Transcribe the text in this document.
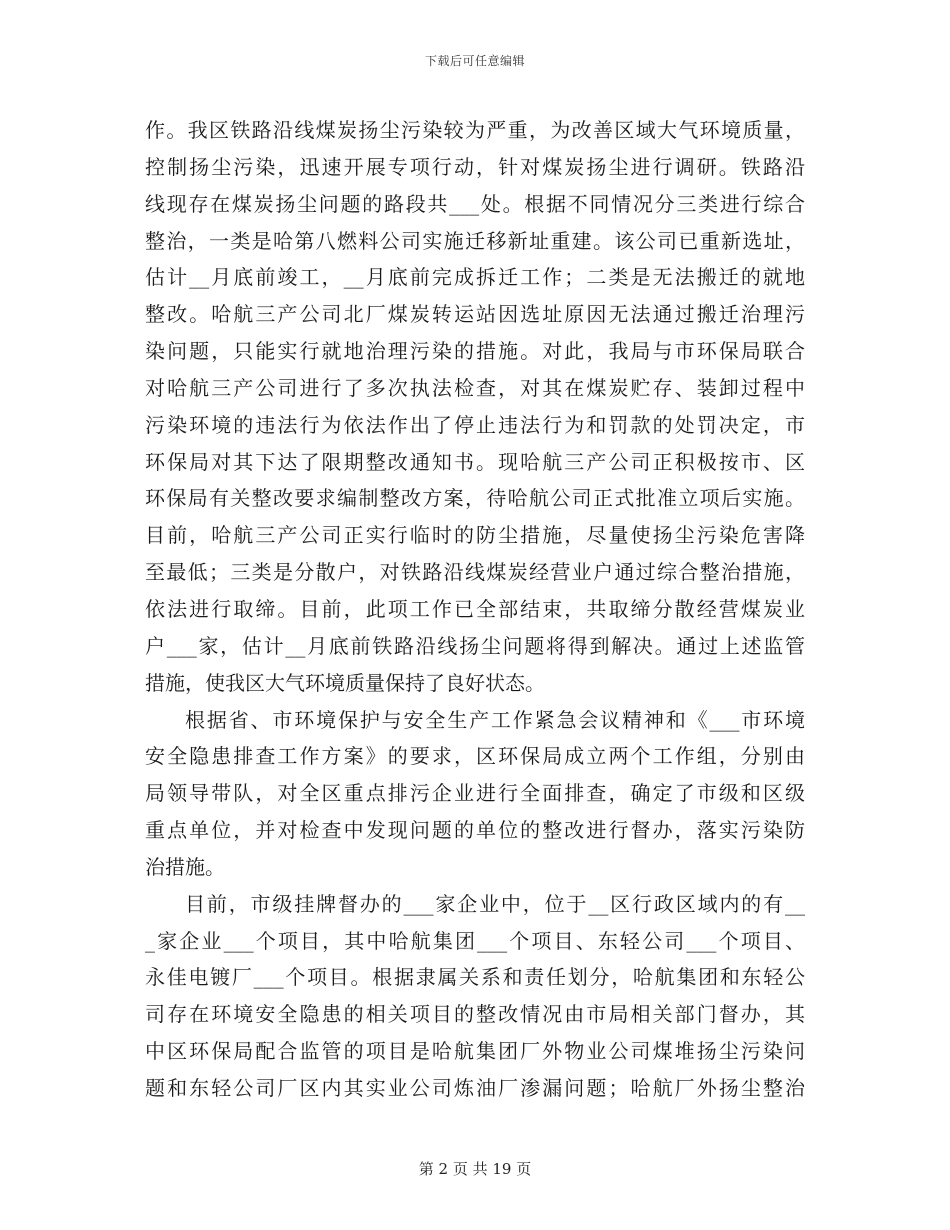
下载后可任意编辑
作。我区铁路沿线煤炭扬尘污染较为严重，为改善区域大气环境质量，
控制扬尘污染，迅速开展专项行动，针对煤炭扬尘进行调研。铁路沿
线现存在煤炭扬尘问题的路段共___处。根据不同情况分三类进行综合
整治，一类是哈第八燃料公司实施迁移新址重建。该公司已重新选址，
估计__月底前竣工，__月底前完成拆迁工作；二类是无法搬迁的就地
整改。哈航三产公司北厂煤炭转运站因选址原因无法通过搬迁治理污
染问题，只能实行就地治理污染的措施。对此，我局与市环保局联合
对哈航三产公司进行了多次执法检查，对其在煤炭贮存、装卸过程中
污染环境的违法行为依法作出了停止违法行为和罚款的处罚决定，市
环保局对其下达了限期整改通知书。现哈航三产公司正积极按市、区
环保局有关整改要求编制整改方案，待哈航公司正式批准立项后实施。
目前，哈航三产公司正实行临时的防尘措施，尽量使扬尘污染危害降
至最低；三类是分散户，对铁路沿线煤炭经营业户通过综合整治措施，
依法进行取缔。目前，此项工作已全部结束，共取缔分散经营煤炭业
户___家，估计__月底前铁路沿线扬尘问题将得到解决。通过上述监管
措施，使我区大气环境质量保持了良好状态。
根据省、市环境保护与安全生产工作紧急会议精神和《___市环境
安全隐患排查工作方案》的要求，区环保局成立两个工作组，分别由
局领导带队，对全区重点排污企业进行全面排查，确定了市级和区级
重点单位，并对检查中发现问题的单位的整改进行督办，落实污染防
治措施。
目前，市级挂牌督办的___家企业中，位于__区行政区域内的有__
_家企业___个项目，其中哈航集团___个项目、东轻公司___个项目、
永佳电镀厂___个项目。根据隶属关系和责任划分，哈航集团和东轻公
司存在环境安全隐患的相关项目的整改情况由市局相关部门督办，其
中区环保局配合监管的项目是哈航集团厂外物业公司煤堆扬尘污染问
题和东轻公司厂区内其实业公司炼油厂渗漏问题；哈航厂外扬尘整治
第 2 页 共 19 页
